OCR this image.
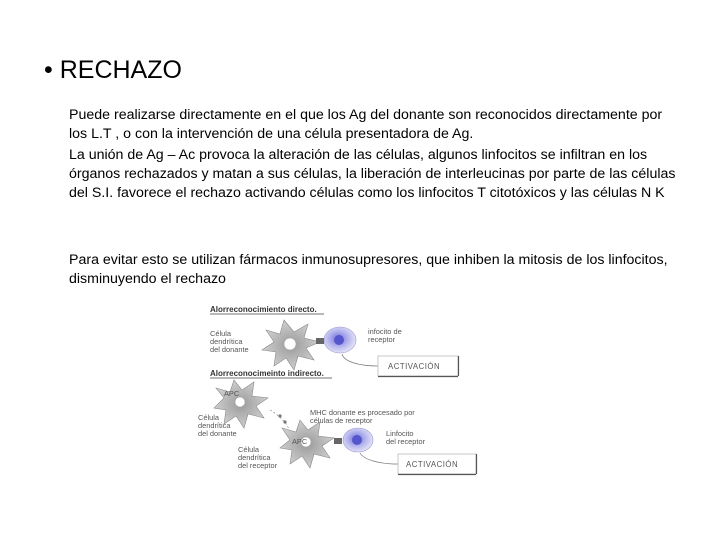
• RECHAZO

Puede realizarse directamente en el que los Ag del donante son reconocidos directamente por los L.T , o con la intervención de una célula presentadora de Ag.

La unión de Ag – Ac provoca la alteración de las células, algunos linfocitos se infiltran en los órganos rechazados y matan a sus células, la liberación de interleucinas por parte de las células del S.I. favorece el rechazo activando células como los linfocitos T citotóxicos y las células N K

Para evitar esto se utilizan fármacos inmunosupresores, que inhiben la mitosis de los linfocitos, disminuyendo el rechazo

Alorreconocimiento directo.
Célula
dendrítica
del donante
infocito de
receptor
ACTIVACIÓN
Alorreconocimeinto indirecto.
APC
Célula
dendrítica
del donante
APC
Célula
dendrítica
del receptor
MHC donante es procesado por
células de receptor
Linfocito
del receptor
ACTIVACIÓN
